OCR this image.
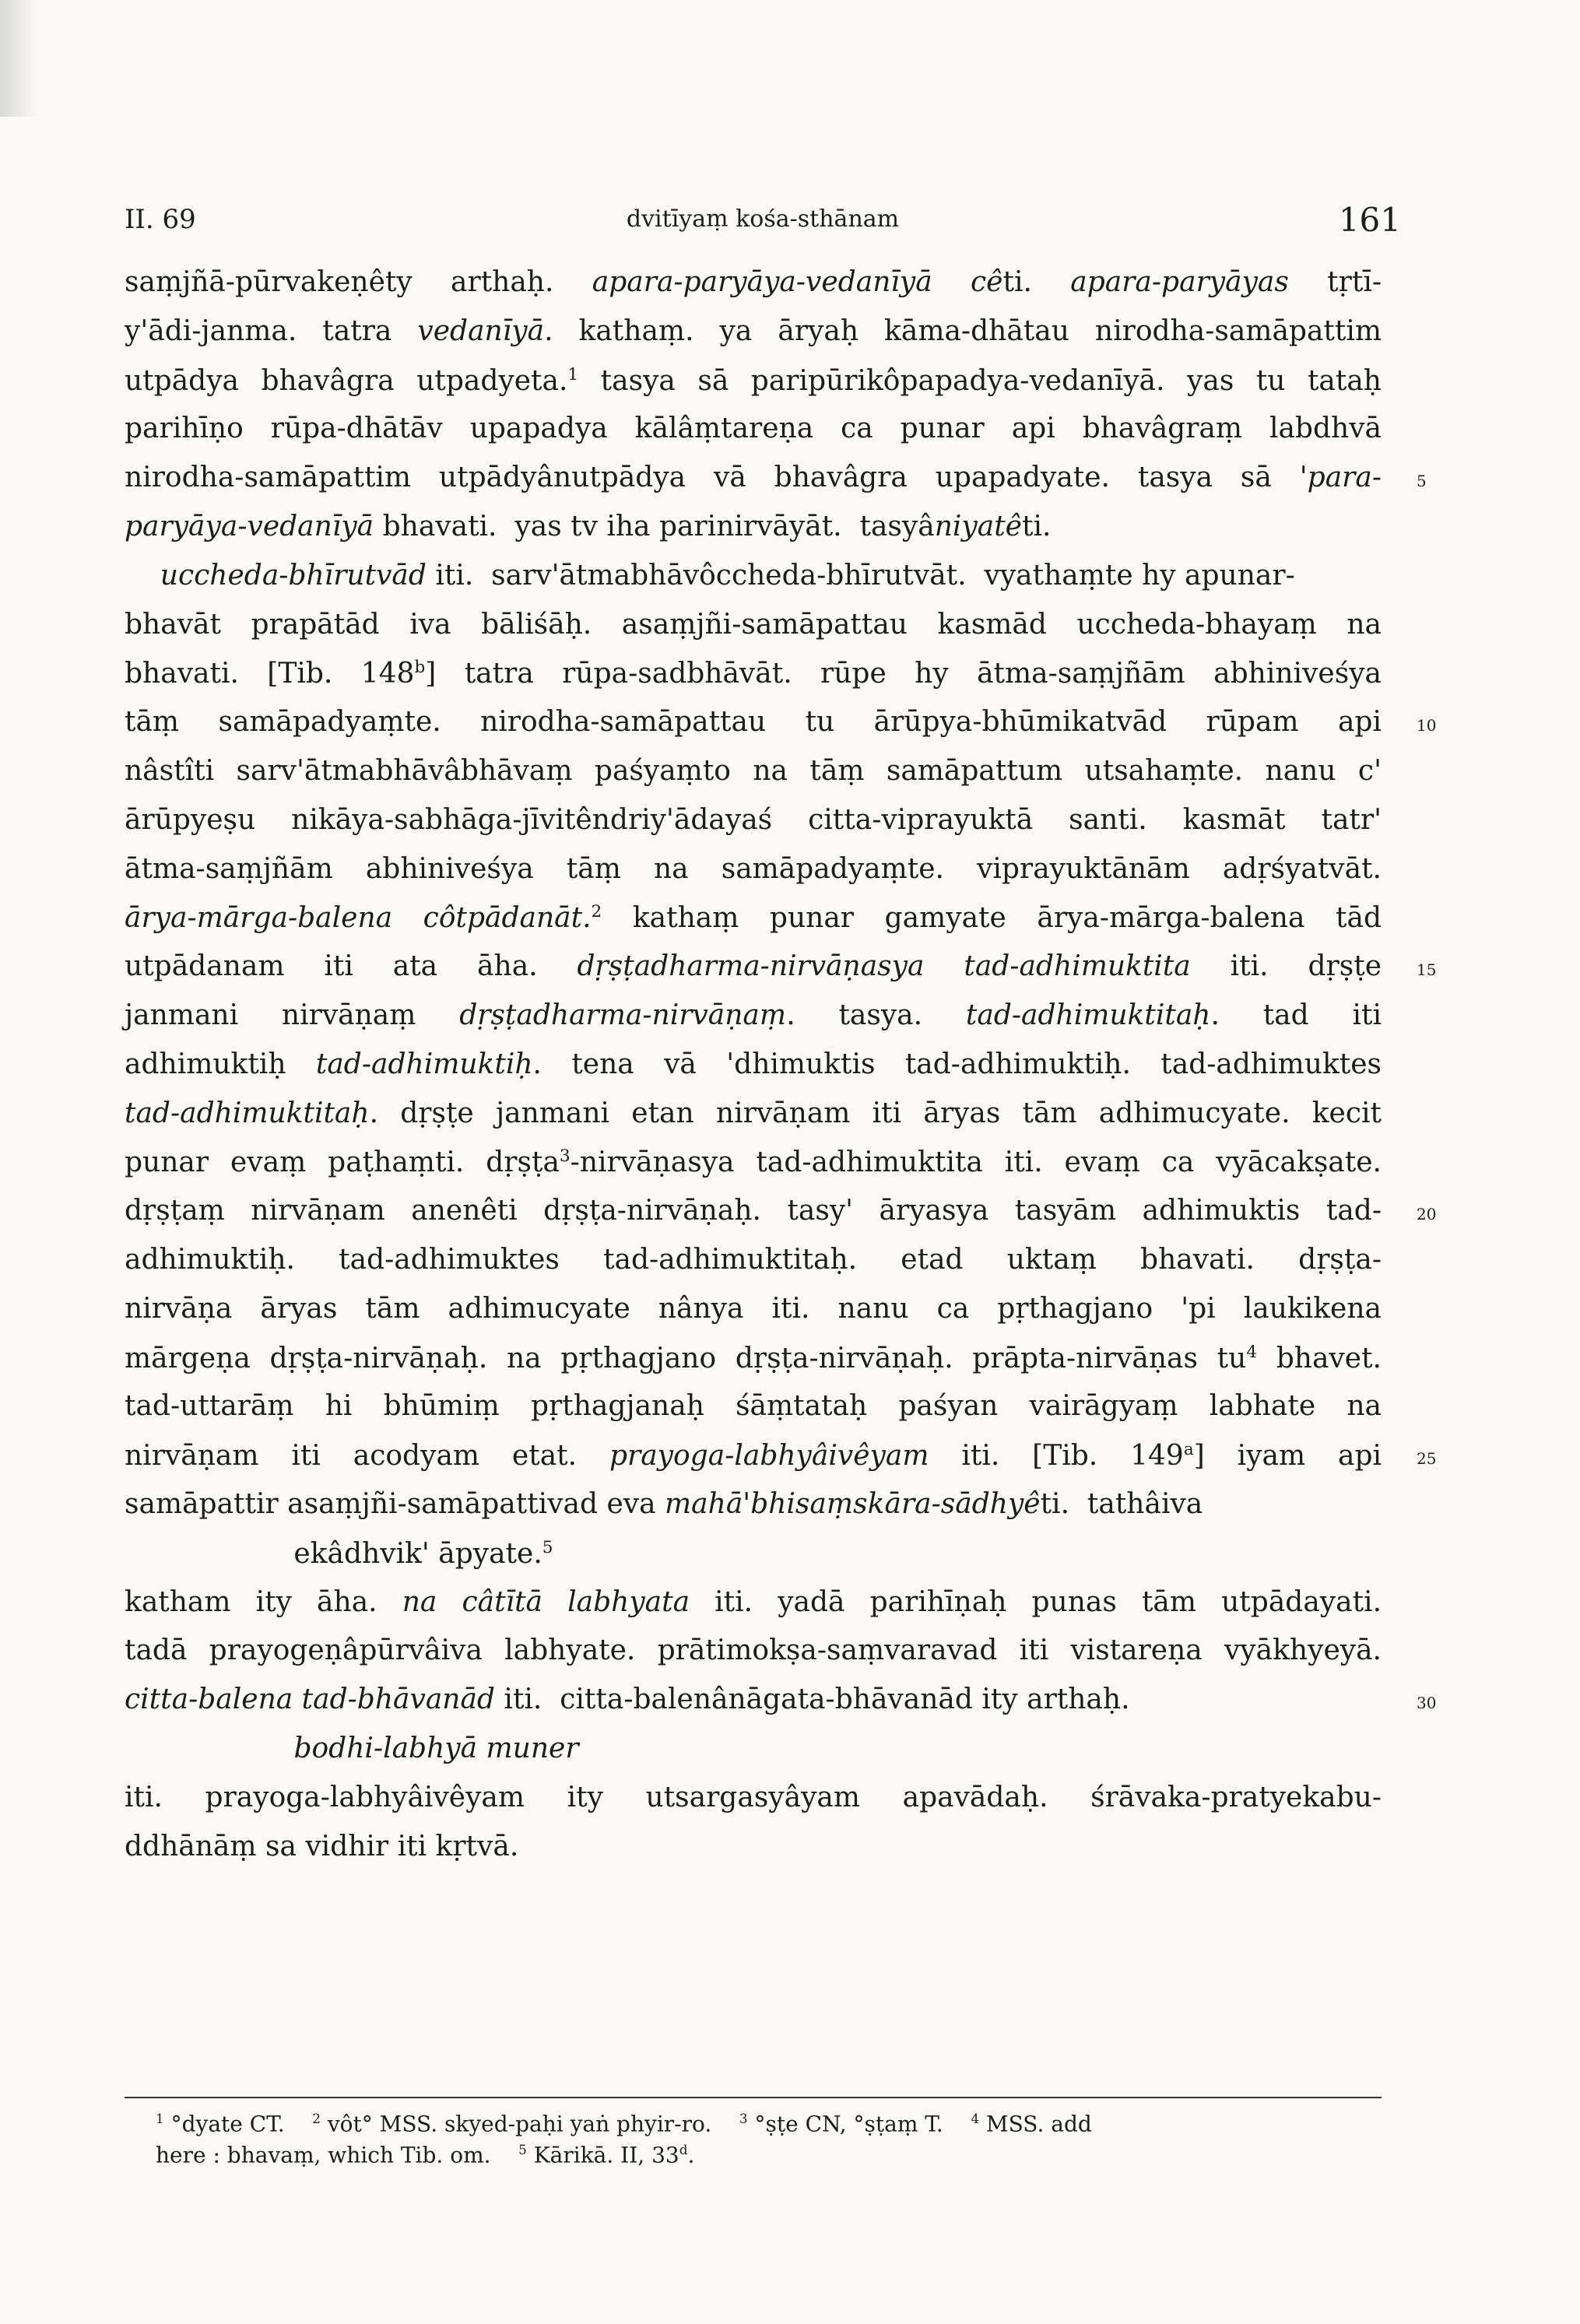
II. 69	dvitīyaṃ kośa-sthānam	161
saṃjñā-pūrvakeṇêty arthaḥ. apara-paryāya-vedanīyā cêti. apara-paryāyas tṛtī-
y'ādi-janma. tatra vedanīyā. kathaṃ. ya āryaḥ kāma-dhātau nirodha-samāpattim
utpādya bhavâgra utpadyeta.$^1$ tasya sā paripūrikôpapadya-vedanīyā. yas tu tataḥ
parihīṇo rūpa-dhātāv upapadya kālâṃtareṇa ca punar api bhavâgraṃ labdhvā
nirodha-samāpattim utpādyânutpādya vā bhavâgra upapadyate. tasya sā 'para-
paryāya-vedanīyā bhavati.  yas tv iha parinirvāyāt.  tasyâniyatêti.
uccheda-bhīrutvād iti.  sarv'ātmabhāvôccheda-bhīrutvāt.  vyathaṃte hy apunar-
bhavāt prapātād iva bāliśāḥ. asaṃjñi-samāpattau kasmād uccheda-bhayaṃ na
bhavati. [Tib. 148$^b$] tatra rūpa-sadbhāvāt. rūpe hy ātma-saṃjñām abhiniveśya
tāṃ samāpadyaṃte. nirodha-samāpattau tu ārūpya-bhūmikatvād rūpam api
nâstîti sarv'ātmabhāvâbhāvaṃ paśyaṃto na tāṃ samāpattum utsahaṃte. nanu c'
ārūpyeṣu nikāya-sabhāga-jīvitêndriy'ādayaś citta-viprayuktā santi. kasmāt tatr'
ātma-saṃjñām abhiniveśya tāṃ na samāpadyaṃte. viprayuktānām adṛśyatvāt.
ārya-mārga-balena côtpādanāt.$^2$ kathaṃ punar gamyate ārya-mārga-balena tād
utpādanam iti ata āha. dṛṣṭadharma-nirvāṇasya tad-adhimuktita iti. dṛṣṭe
janmani nirvāṇaṃ dṛṣṭadharma-nirvāṇaṃ. tasya. tad-adhimuktitaḥ. tad iti
adhimuktiḥ tad-adhimuktiḥ. tena vā 'dhimuktis tad-adhimuktiḥ. tad-adhimuktes
tad-adhimuktitaḥ. dṛṣṭe janmani etan nirvāṇam iti āryas tām adhimucyate. kecit
punar evaṃ paṭhaṃti. dṛṣṭa$^3$-nirvāṇasya tad-adhimuktita iti. evaṃ ca vyācakṣate.
dṛṣṭaṃ nirvāṇam anenêti dṛṣṭa-nirvāṇaḥ. tasy' āryasya tasyām adhimuktis tad-
adhimuktiḥ. tad-adhimuktes tad-adhimuktitaḥ. etad uktaṃ bhavati. dṛṣṭa-
nirvāṇa āryas tām adhimucyate nânya iti. nanu ca pṛthagjano 'pi laukikena
mārgeṇa dṛṣṭa-nirvāṇaḥ. na pṛthagjano dṛṣṭa-nirvāṇaḥ. prāpta-nirvāṇas $tu^4$ bhavet.
tad-uttarāṃ hi bhūmiṃ pṛthagjanaḥ śāṃtataḥ paśyan vairāgyaṃ labhate na
nirvāṇam iti acodyam etat. prayoga-labhyâivêyam iti. [Tib. 149$^a$] iyam api
samāpattir asaṃjñi-samāpattivad eva mahā'bhisaṃskāra-sādhyêti.  tathâiva
ekâdhvik' āpyate.$^5$
katham ity āha. na câtītā labhyata iti. yadā parihīṇaḥ punas tām utpādayati.
tadā prayogeṇâpūrvâiva labhyate. prātimokṣa-saṃvaravad iti vistareṇa vyākhyeyā.
citta-balena tad-bhāvanād iti.  citta-balenânāgata-bhāvanād ity arthaḥ.
bodhi-labhyā muner
iti. prayoga-labhyâivêyam ity utsargasyâyam apavādaḥ. śrāvaka-pratyekabu-
ddhānāṃ sa vidhir iti kṛtvā.
5
10
15
20
25
30
$^1$ °dyate CT.    $^2$ vôt° MSS. skyed-paḥi yaṅ phyir-ro.    $^3$ °ṣṭe CN, °ṣṭaṃ T.    $^4$ MSS. add
here : bhavaṃ, which Tib. om.    $^5$ Kārikā. II, 33$^d$.
